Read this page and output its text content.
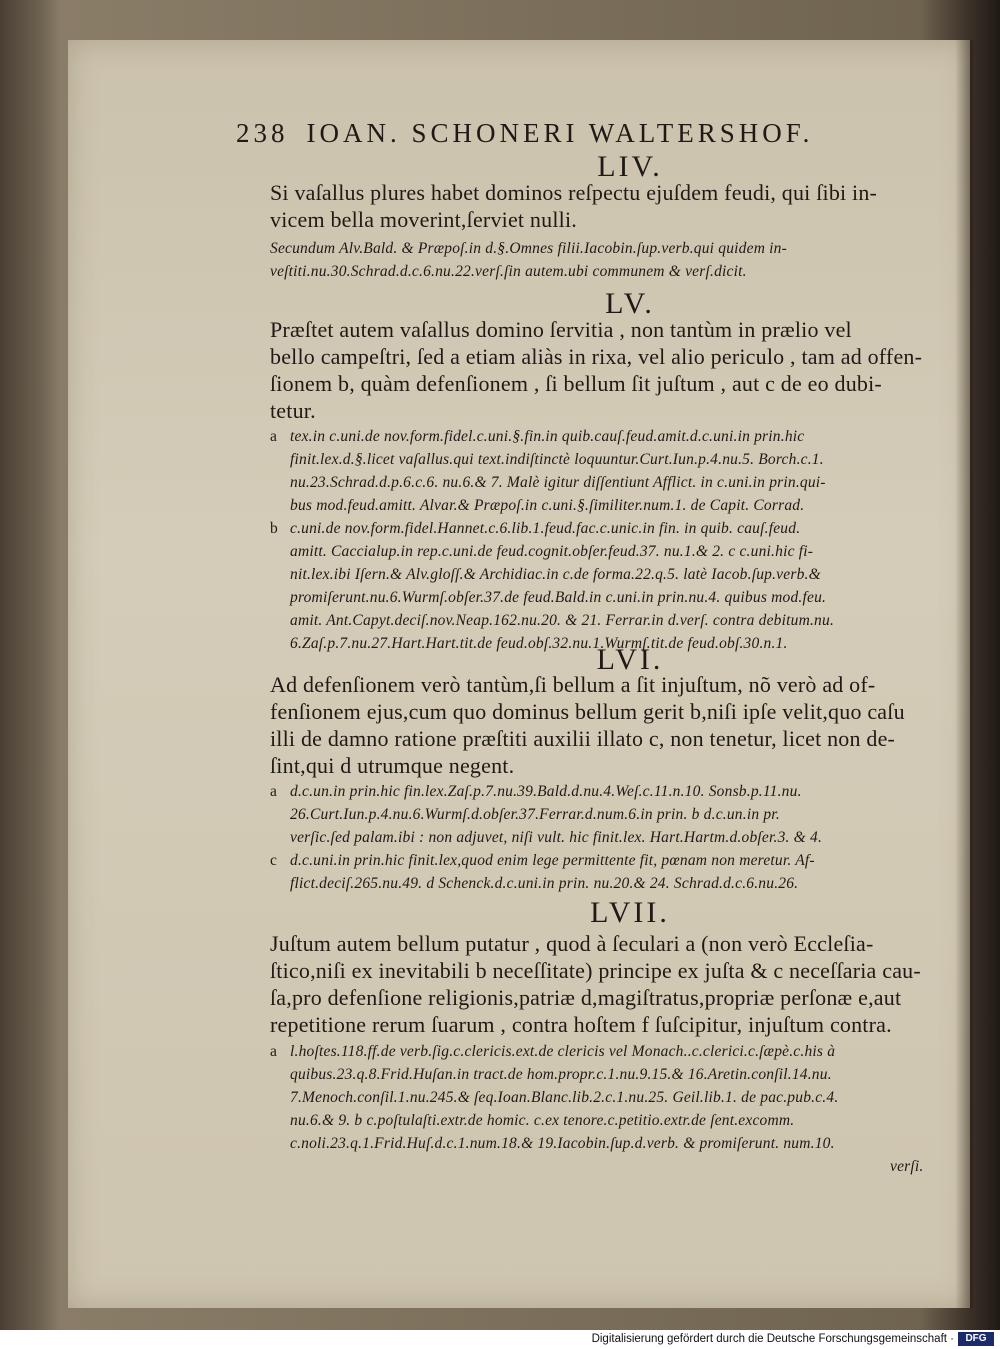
238 IOAN. SCHONERI WALTERSHOF.
LIV.
Si vaſallus plures habet dominos reſpectu ejuſdem feudi, qui ſibi in-
vicem bella moverint,ſerviet nulli.
Secundum Alv.Bald. & Præpoſ.in d.§.Omnes filii.Iacobin.ſup.verb.qui quidem in-
veſtiti.nu.30.Schrad.d.c.6.nu.22.verſ.ſin autem.ubi communem & verſ.dicit.
LV.
Præſtet autem vaſallus domino ſervitia , non tantùm in prælio vel
bello campeſtri, ſed a etiam aliàs in rixa, vel alio periculo , tam ad offen-
ſionem b, quàm defenſionem , ſi bellum ſit juſtum , aut c de eo dubi-
tetur.
a tex.in c.uni.de nov.form.fidel.c.uni.§.fin.in quib.cauſ.feud.amit.d.c.uni.in prin.hic
finit.lex.d.§.licet vaſallus.qui text.indiſtinctè loquuntur.Curt.Iun.p.4.nu.5. Borch.c.1.
nu.23.Schrad.d.p.6.c.6. nu.6.& 7. Malè igitur diſſentiunt Afflict. in c.uni.in prin.qui-
bus mod.feud.amitt. Alvar.& Præpoſ.in c.uni.§.ſimiliter.num.1. de Capit. Corrad.
b c.uni.de nov.form.fidel.Hannet.c.6.lib.1.feud.fac.c.unic.in fin. in quib. cauſ.feud.
amitt. Caccialup.in rep.c.uni.de feud.cognit.obſer.feud.37. nu.1.& 2. c c.uni.hic fi-
nit.lex.ibi Iſern.& Alv.gloſſ.& Archidiac.in c.de forma.22.q.5. latè Iacob.ſup.verb.&
promiſerunt.nu.6.Wurmſ.obſer.37.de feud.Bald.in c.uni.in prin.nu.4. quibus mod.feu.
amit. Ant.Capyt.deciſ.nov.Neap.162.nu.20. & 21. Ferrar.in d.verſ. contra debitum.nu.
6.Zaſ.p.7.nu.27.Hart.Hart.tit.de feud.obſ.32.nu.1.Wurmſ.tit.de feud.obſ.30.n.1.
LVI.
Ad defenſionem verò tantùm,ſi bellum a ſit injuſtum, nõ verò ad of-
fenſionem ejus,cum quo dominus bellum gerit b,niſi ipſe velit,quo caſu
illi de damno ratione præſtiti auxilii illato c, non tenetur, licet non de-
ſint,qui d utrumque negent.
a d.c.un.in prin.hic fin.lex.Zaſ.p.7.nu.39.Bald.d.nu.4.Weſ.c.11.n.10. Sonsb.p.11.nu.
26.Curt.Iun.p.4.nu.6.Wurmſ.d.obſer.37.Ferrar.d.num.6.in prin. b d.c.un.in pr.
verſic.ſed palam.ibi : non adjuvet, niſi vult. hic finit.lex. Hart.Hartm.d.obſer.3. & 4.
c d.c.uni.in prin.hic finit.lex,quod enim lege permittente fit, pœnam non meretur. Af-
flict.deciſ.265.nu.49. d Schenck.d.c.uni.in prin. nu.20.& 24. Schrad.d.c.6.nu.26.
LVII.
Juſtum autem bellum putatur , quod à ſeculari a (non verò Eccleſia-
ſtico,niſi ex inevitabili b neceſſitate) principe ex juſta & c neceſſaria cau-
ſa,pro defenſione religionis,patriæ d,magiſtratus,propriæ perſonæ e,aut
repetitione rerum ſuarum , contra hoſtem f ſuſcipitur, injuſtum contra.
a l.hoſtes.118.ff.de verb.ſig.c.clericis.ext.de clericis vel Monach..c.clerici.c.ſæpè.c.his à
quibus.23.q.8.Frid.Huſan.in tract.de hom.propr.c.1.nu.9.15.& 16.Aretin.conſil.14.nu.
7.Menoch.conſil.1.nu.245.& ſeq.Ioan.Blanc.lib.2.c.1.nu.25. Geil.lib.1. de pac.pub.c.4.
nu.6.& 9. b c.poſtulaſti.extr.de homic. c.ex tenore.c.petitio.extr.de ſent.excomm.
c.noli.23.q.1.Frid.Huſ.d.c.1.num.18.& 19.Iacobin.ſup.d.verb. & promiſerunt. num.10.
verſi.
Digitalisierung gefördert durch die Deutsche Forschungsgemeinschaft ·	DFG
